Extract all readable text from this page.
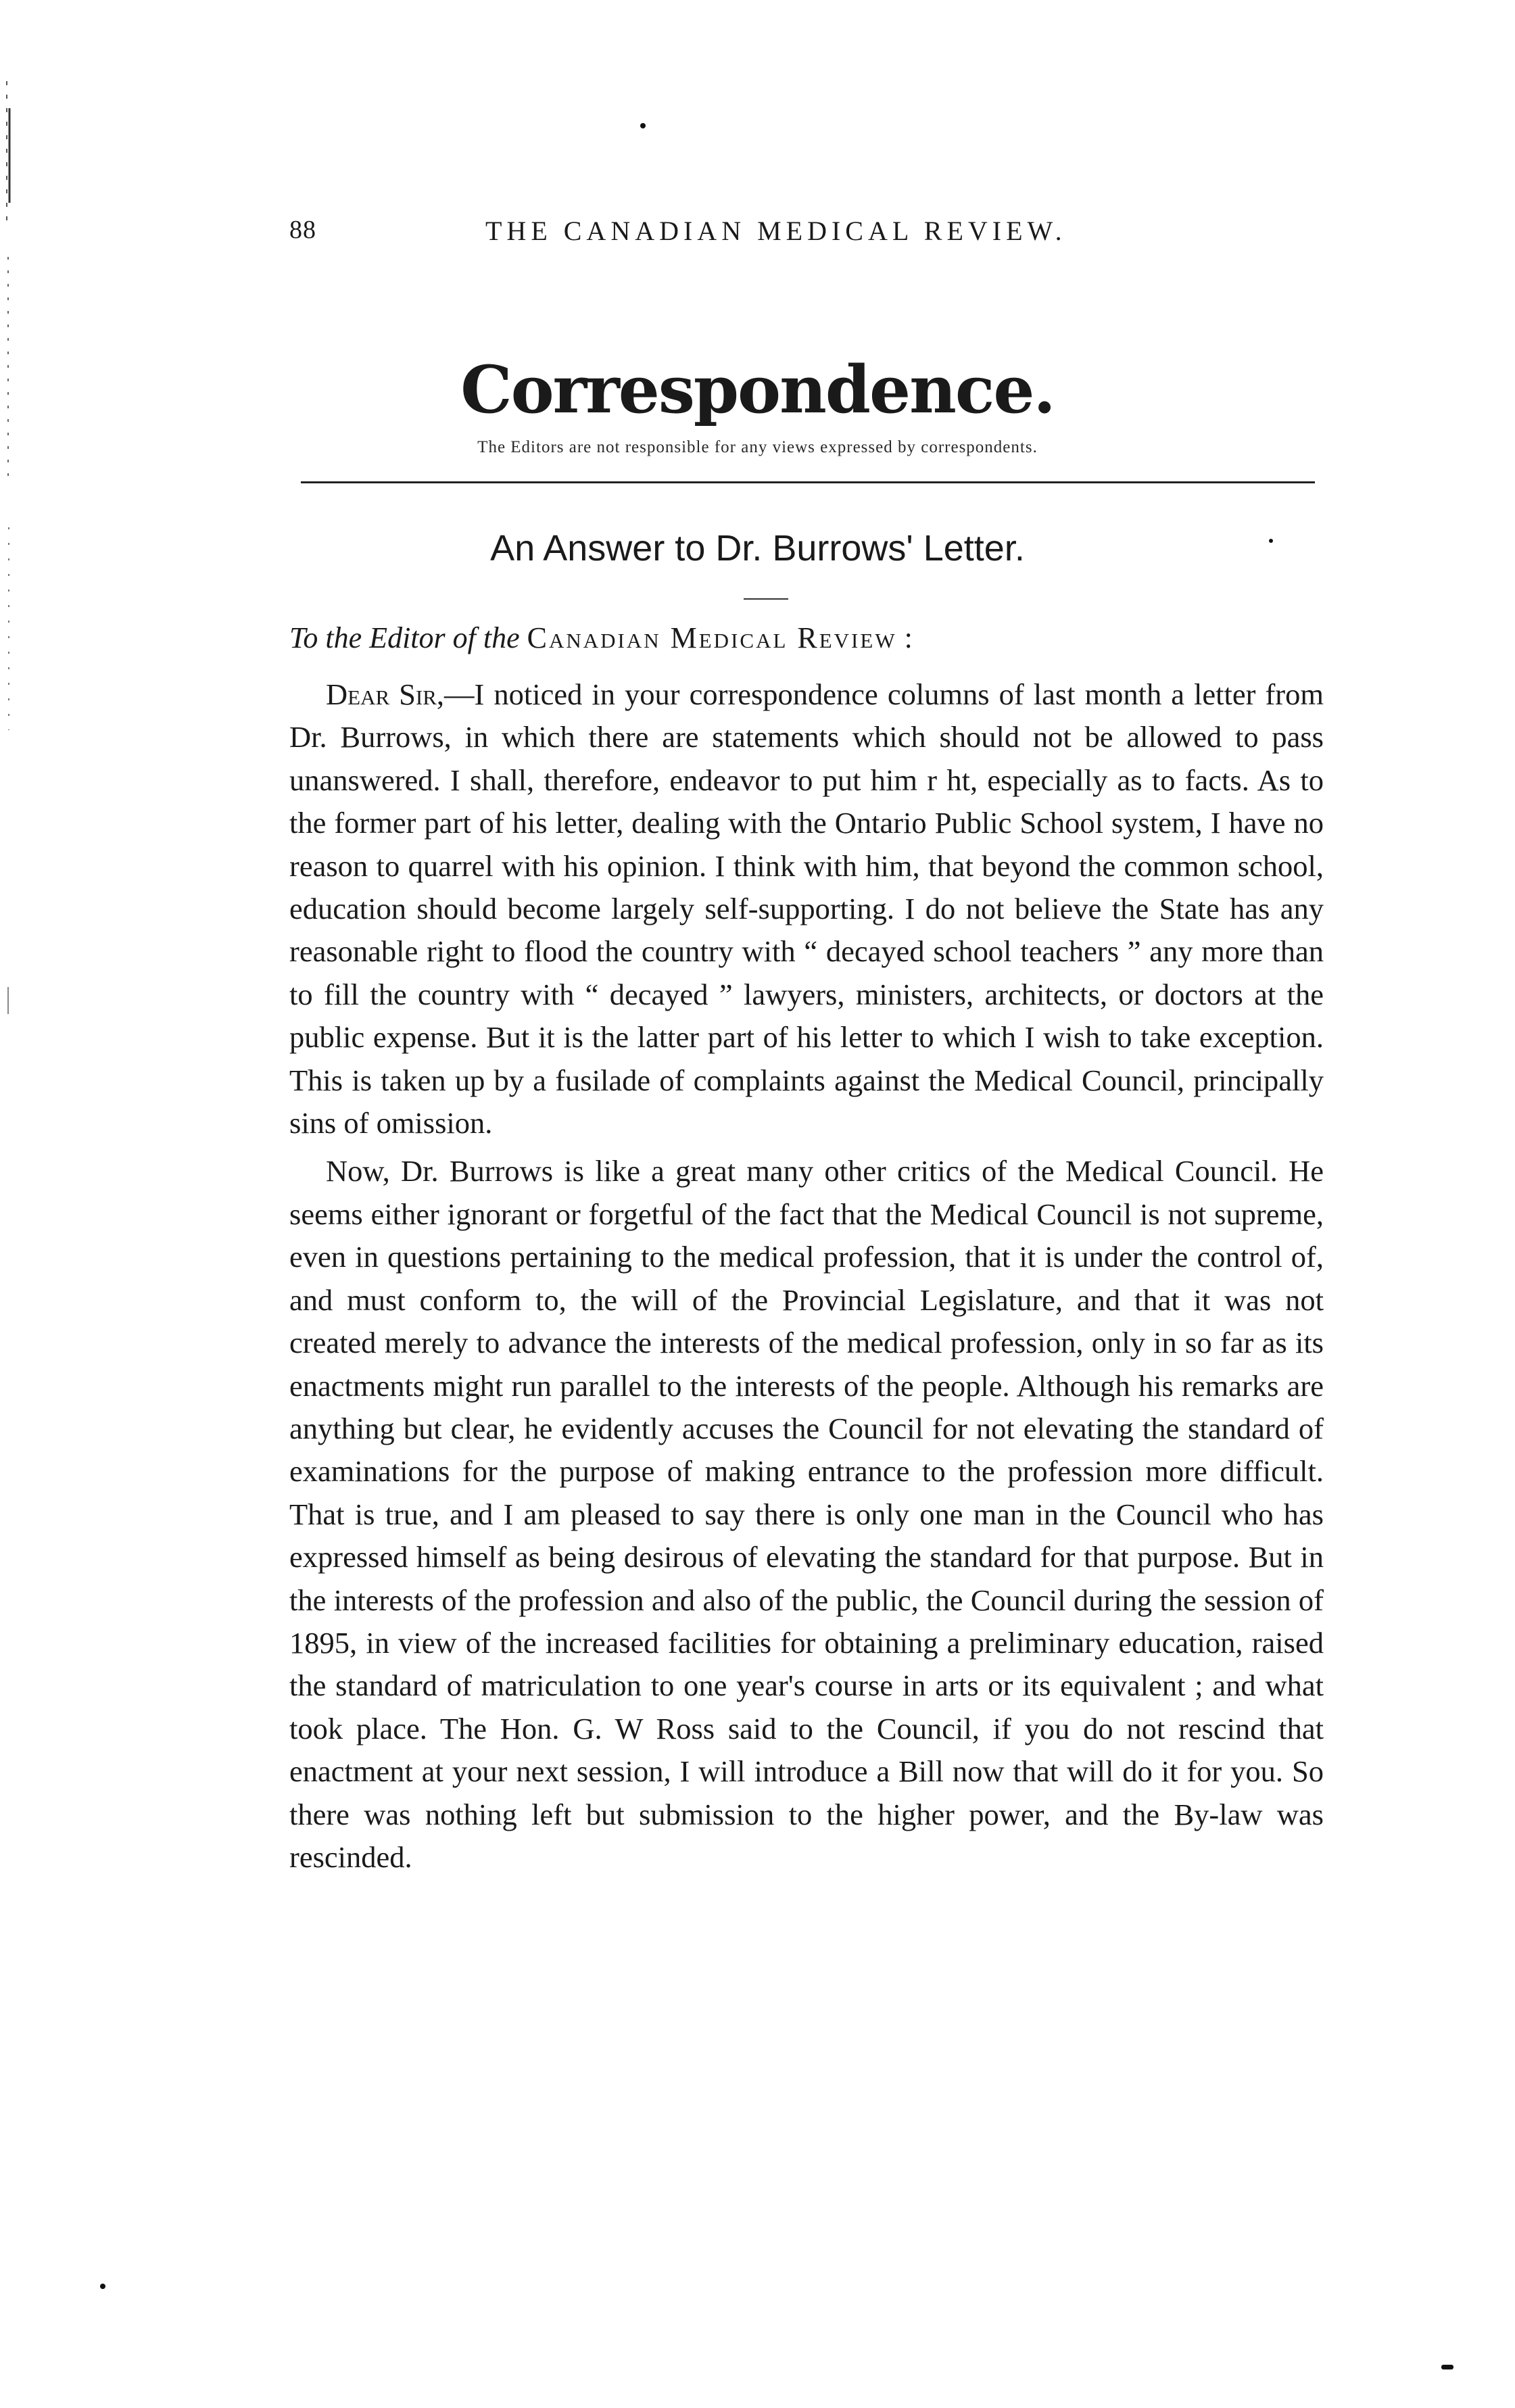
88	THE CANADIAN MEDICAL REVIEW.
Correspondence.
The Editors are not responsible for any views expressed by correspondents.
An Answer to Dr. Burrows' Letter.
To the Editor of the Canadian Medical Review :

Dear Sir,—I noticed in your correspondence columns of last month a letter from Dr. Burrows, in which there are statements which should not be allowed to pass unanswered. I shall, therefore, endeavor to put him r ht, especially as to facts. As to the former part of his letter, dealing with the Ontario Public School system, I have no reason to quarrel with his opinion. I think with him, that beyond the common school, education should become largely self-supporting. I do not believe the State has any reasonable right to flood the country with “ decayed school teachers ” any more than to fill the country with “ decayed ” lawyers, ministers, architects, or doctors at the public expense. But it is the latter part of his letter to which I wish to take exception. This is taken up by a fusilade of complaints against the Medical Council, principally sins of omission.

Now, Dr. Burrows is like a great many other critics of the Medical Council. He seems either ignorant or forgetful of the fact that the Medical Council is not supreme, even in questions pertaining to the medical profession, that it is under the control of, and must conform to, the will of the Provincial Legislature, and that it was not created merely to advance the interests of the medical profession, only in so far as its enactments might run parallel to the interests of the people. Although his remarks are anything but clear, he evidently accuses the Council for not elevating the standard of examinations for the purpose of making entrance to the profession more difficult. That is true, and I am pleased to say there is only one man in the Council who has expressed himself as being desirous of elevating the standard for that purpose. But in the interests of the profession and also of the public, the Council during the session of 1895, in view of the increased facilities for obtaining a preliminary education, raised the standard of matriculation to one year's course in arts or its equivalent ; and what took place. The Hon. G. W Ross said to the Council, if you do not rescind that enactment at your next session, I will introduce a Bill now that will do it for you. So there was nothing left but submission to the higher power, and the By-law was rescinded.
